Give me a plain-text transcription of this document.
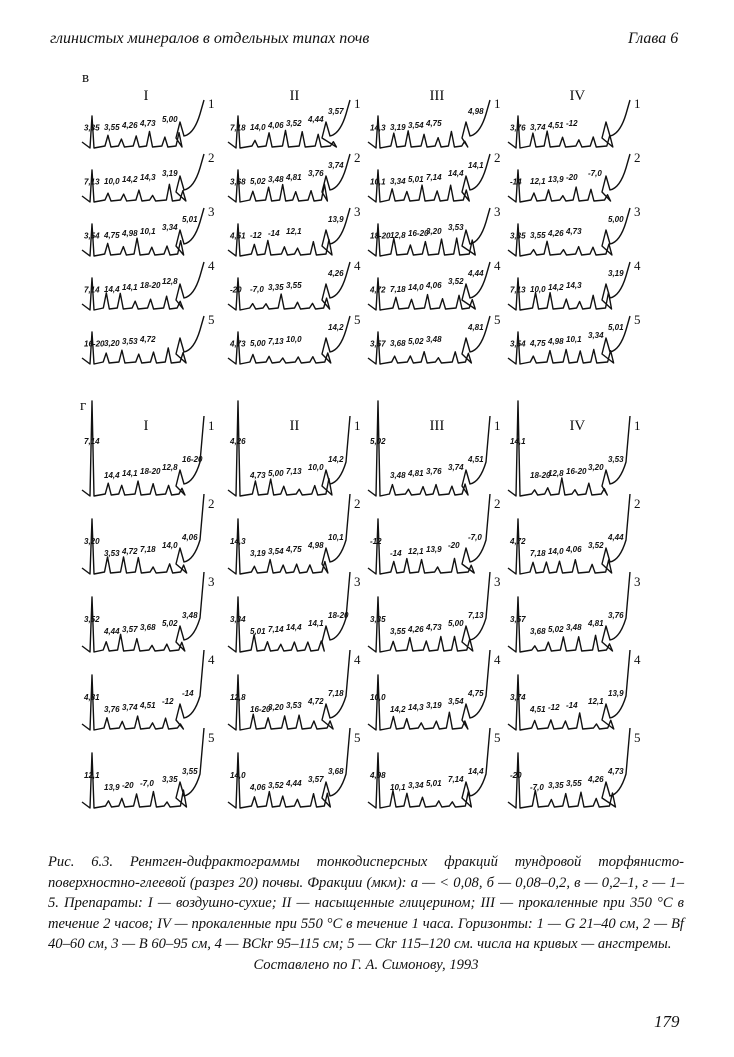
глинистых минералов в отдельных типах почв	Глава 6
в
г
3,35 3,55 4,26 4,73 5,00
7,13 10,0 14,2 14,3 3,19
3,54 4,75 4,98 10,1 3,34
5,01
7,14 14,4 14,1 18-20 12,8
16-20 3,20 3,53 4,72
7,18 14,0 4,06 3,52 4,44
3,57
3,68 5,02 3,48 4,81 3,76
3,74
4,51 -12 -14 12,1
13,9
-20 -7,0 3,35 3,55
4,26
4,73 5,00 7,13 10,0
14,2
14,3 3,19 3,54 4,75
4,98
10,1 3,34 5,01 7,14 14,4
14,1
18-20 12,8 16-20
3,20 3,53
4,72 7,18 14,0 4,06 3,52
4,44
3,57 3,68 5,02 3,48
4,81
3,76 3,74 4,51 -12
-14 12,1 13,9 -20 -7,0
3,35 3,55 4,26 4,73
5,00
7,13 10,0 14,2 14,3
3,19
3,54 4,75 4,98 10,1 3,34
5,01
7,14
14,4 14,1 18-20 12,8
16-20
3,20
3,53 4,72 7,18 14,0
4,06
3,52
4,44 3,57 3,68 5,02
3,48
4,81
3,76 3,74 4,51 -12
-14
12,1
13,9 -20 -7,0 3,35
3,55
4,26
4,73 5,00 7,13 10,0
14,2
14,3
3,19 3,54 4,75 4,98
10,1
3,34
5,01 7,14 14,4 14,1
18-20
12,8
16-20
3,20 3,53 4,72
7,18
14,0
4,06 3,52 4,44 3,57
3,68
5,02
3,48 4,81 3,76 3,74
4,51
-12
-14 12,1 13,9 -20
-7,0
3,35
3,55 4,26 4,73 5,00
7,13
10,0
14,2 14,3 3,19 3,54
4,75
4,98
10,1 3,34 5,01 7,14
14,4
14,1
18-20
12,8 16-20 3,20
3,53
4,72
7,18 14,0 4,06 3,52
4,44
3,57
3,68 5,02 3,48 4,81
3,76
3,74
4,51 -12 -14 12,1
13,9
-20
-7,0 3,35 3,55 4,26
4,73
I	1
2
3
4
5
II	1
2
3
4
5
III	1
2
3
4
5
IV	1
2
3
4
5
I	1
2
3
4
5
II	1
2
3
4
5
III	1
2
3
4
5
IV	1
2
3
4
5
Рис. 6.3. Рентген-дифрактограммы тонкодисперсных фракций тундровой торфянисто-поверхностно-глеевой (разрез 20) почвы. Фракции (мкм): а — < 0,08, б — 0,08–0,2, в — 0,2–1, г — 1–5. Препараты: I — воздушно-сухие; II — насыщенные глицерином; III — прокаленные при 350 °С в течение 2 часов; IV — прокаленные при 550 °С в течение 1 часа. Горизонты: 1 — G 21–40 см, 2 — Bf 40–60 см, 3 — B 60–95 см, 4 — BCkr 95–115 см; 5 — Ckr 115–120 см. числа на кривых — ангстремы.
Составлено по Г. А. Симонову, 1993
179
